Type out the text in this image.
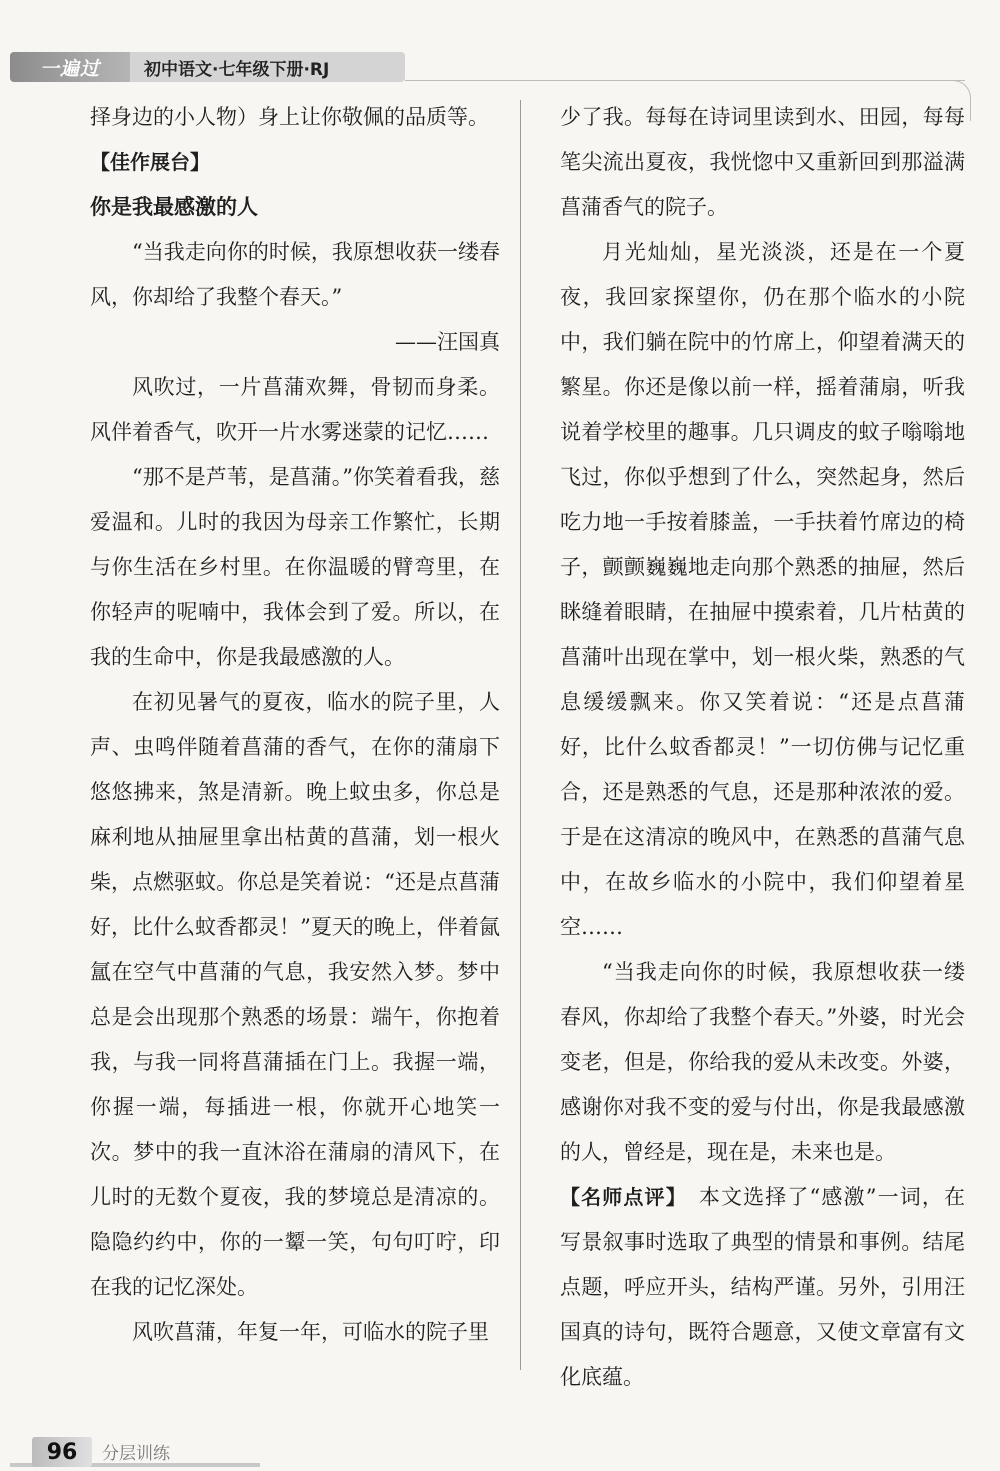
一遍过	初中语文·七年级下册·RJ

择身边的小人物）身上让你敬佩的品质等。

【佳作展台】

你是我最感激的人

“当我走向你的时候，我原想收获一缕春风，你却给了我整个春天。”

——汪国真

风吹过，一片菖蒲欢舞，骨韧而身柔。风伴着香气，吹开一片水雾迷蒙的记忆……

“那不是芦苇，是菖蒲。”你笑着看我，慈爱温和。儿时的我因为母亲工作繁忙，长期与你生活在乡村里。在你温暖的臂弯里，在你轻声的呢喃中，我体会到了爱。所以，在我的生命中，你是我最感激的人。

在初见暑气的夏夜，临水的院子里，人声、虫鸣伴随着菖蒲的香气，在你的蒲扇下悠悠拂来，煞是清新。晚上蚊虫多，你总是麻利地从抽屉里拿出枯黄的菖蒲，划一根火柴，点燃驱蚊。你总是笑着说：“还是点菖蒲好，比什么蚊香都灵！”夏天的晚上，伴着氤氲在空气中菖蒲的气息，我安然入梦。梦中总是会出现那个熟悉的场景：端午，你抱着我，与我一同将菖蒲插在门上。我握一端，你握一端，每插进一根，你就开心地笑一次。梦中的我一直沐浴在蒲扇的清风下，在儿时的无数个夏夜，我的梦境总是清凉的。隐隐约约中，你的一颦一笑，句句叮咛，印在我的记忆深处。

风吹菖蒲，年复一年，可临水的院子里

少了我。每每在诗词里读到水、田园，每每笔尖流出夏夜，我恍惚中又重新回到那溢满菖蒲香气的院子。

月光灿灿，星光淡淡，还是在一个夏夜，我回家探望你，仍在那个临水的小院中，我们躺在院中的竹席上，仰望着满天的繁星。你还是像以前一样，摇着蒲扇，听我说着学校里的趣事。几只调皮的蚊子嗡嗡地飞过，你似乎想到了什么，突然起身，然后吃力地一手按着膝盖，一手扶着竹席边的椅子，颤颤巍巍地走向那个熟悉的抽屉，然后眯缝着眼睛，在抽屉中摸索着，几片枯黄的菖蒲叶出现在掌中，划一根火柴，熟悉的气息缓缓飘来。你又笑着说：“还是点菖蒲好，比什么蚊香都灵！”一切仿佛与记忆重合，还是熟悉的气息，还是那种浓浓的爱。于是在这清凉的晚风中，在熟悉的菖蒲气息中，在故乡临水的小院中，我们仰望着星空……

“当我走向你的时候，我原想收获一缕春风，你却给了我整个春天。”外婆，时光会变老，但是，你给我的爱从未改变。外婆，感谢你对我不变的爱与付出，你是我最感激的人，曾经是，现在是，未来也是。

【名师点评】 本文选择了“感激”一词，在写景叙事时选取了典型的情景和事例。结尾点题，呼应开头，结构严谨。另外，引用汪国真的诗句，既符合题意，又使文章富有文化底蕴。

96	分层训练
